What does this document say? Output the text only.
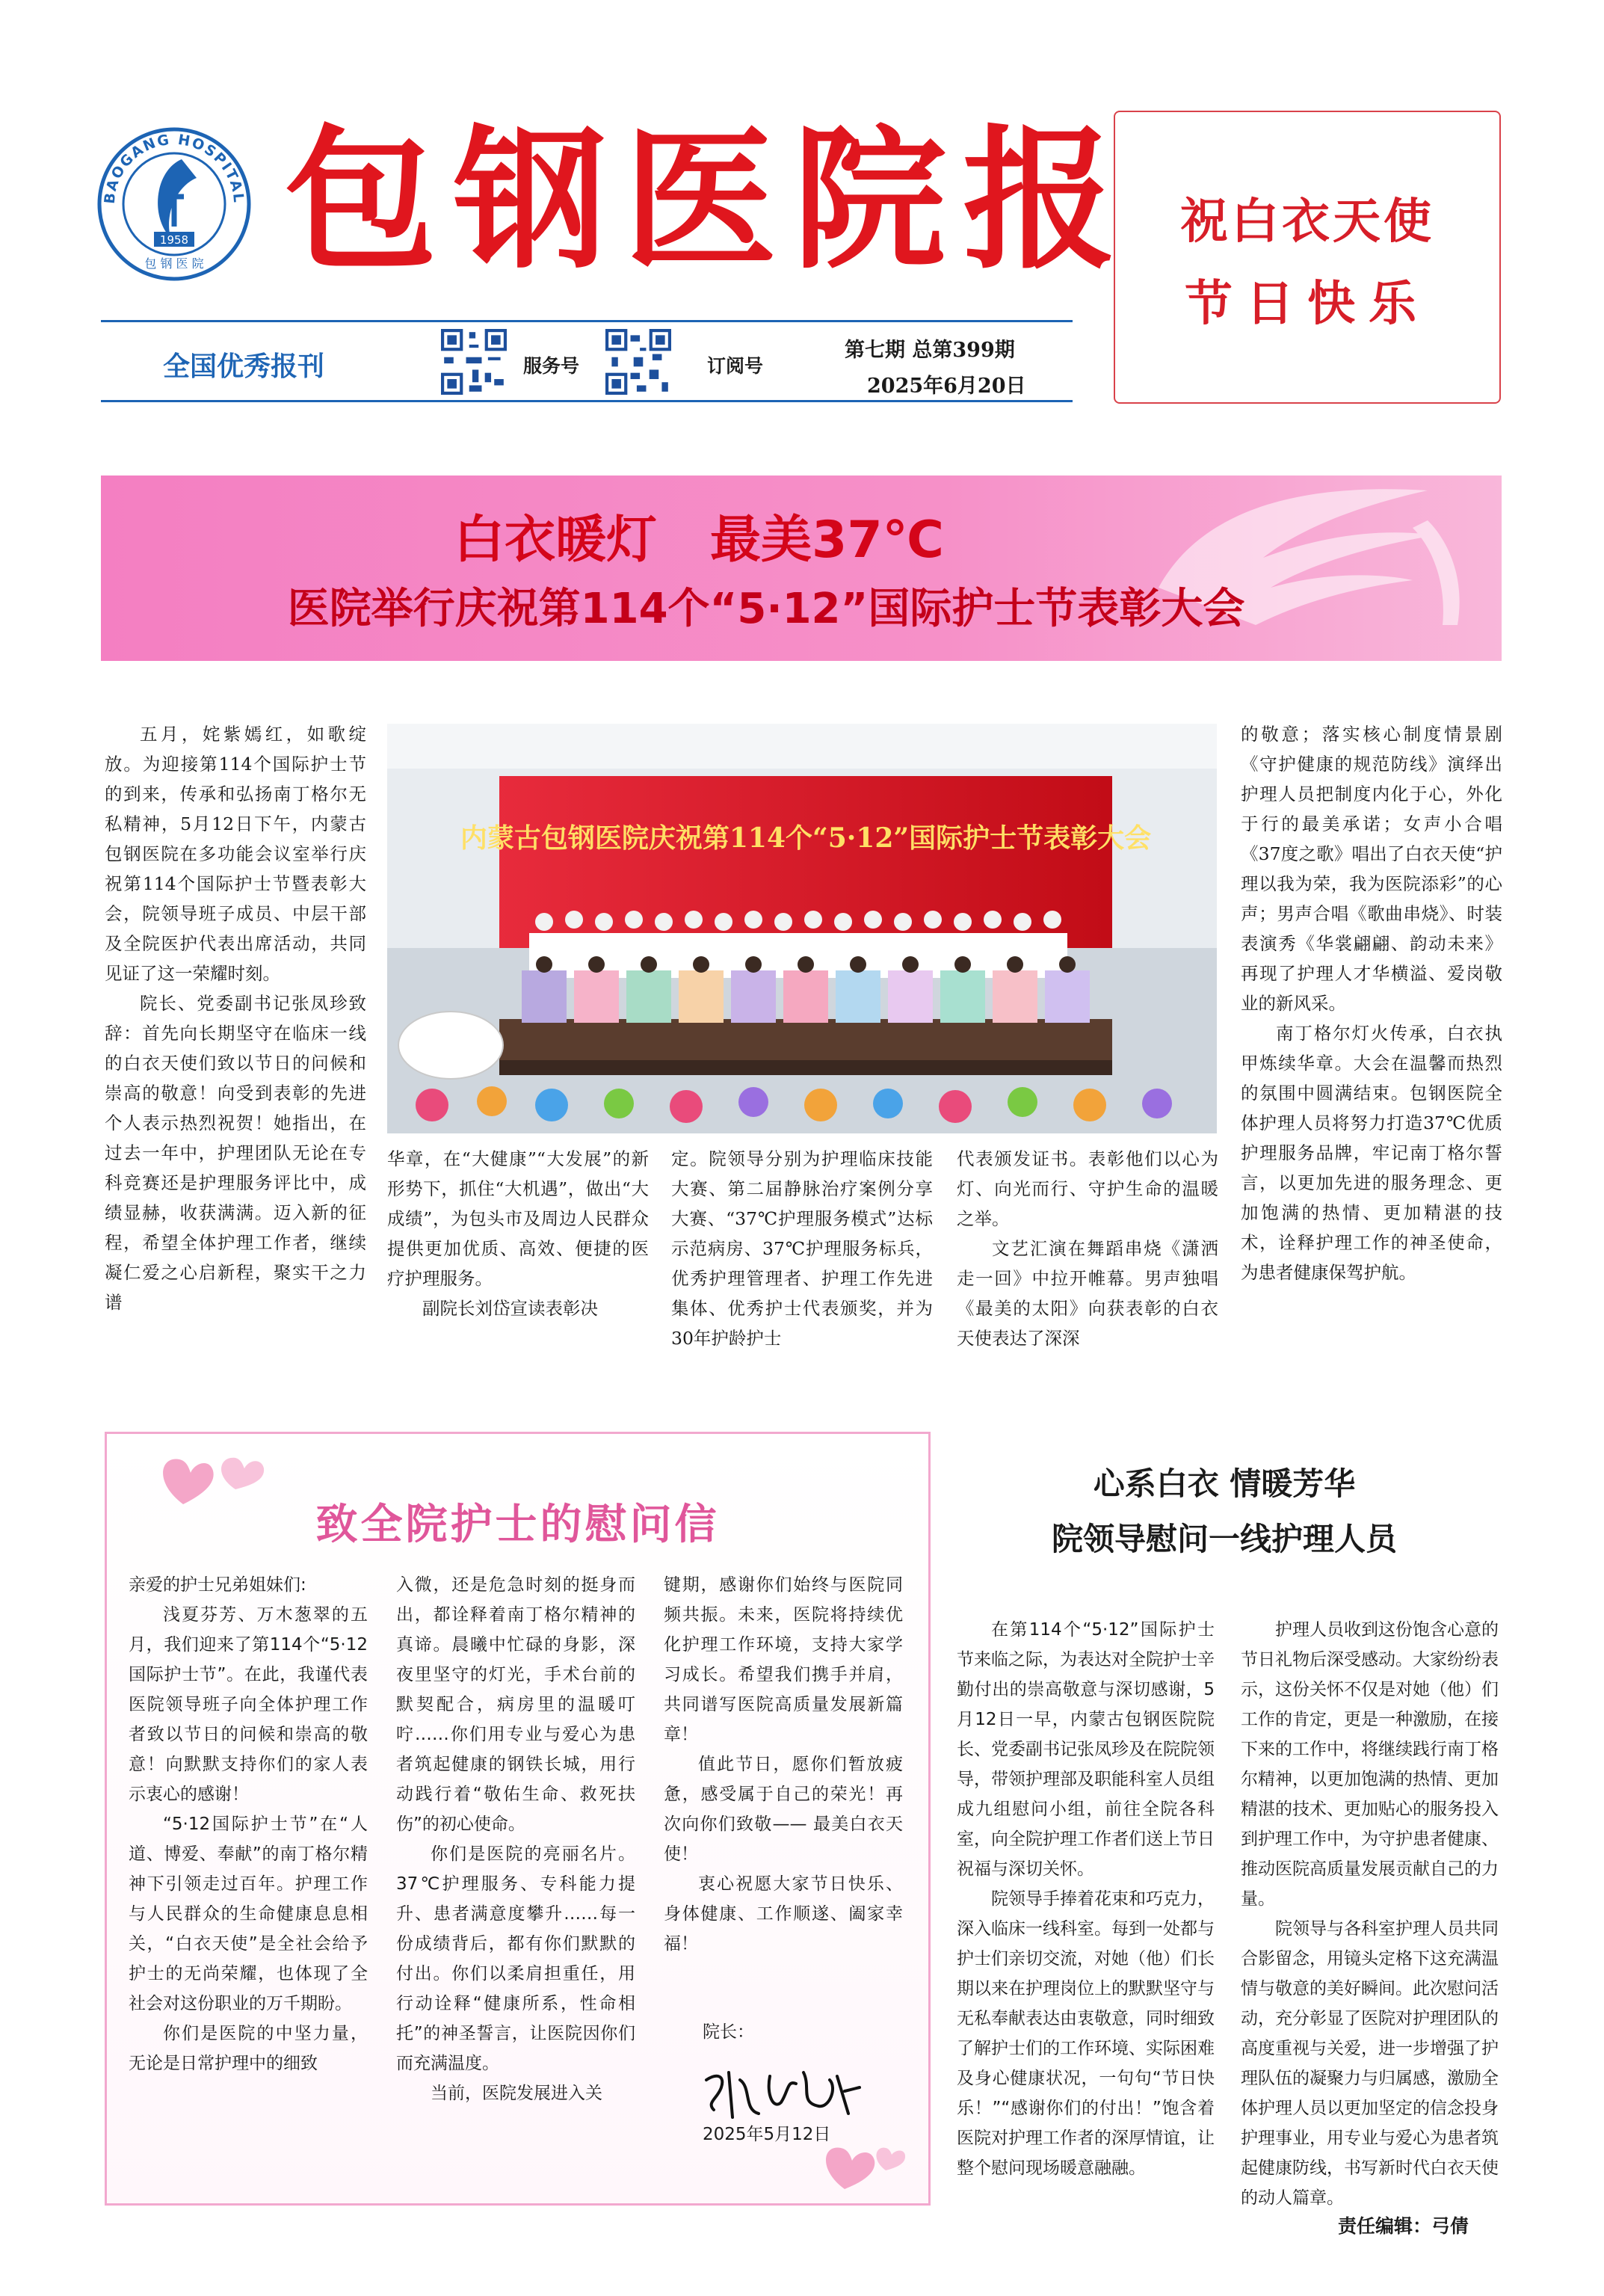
BAOGANG HOSPITAL
1958
包 钢 医 院 包钢医院报
全国优秀报刊	服务号	订阅号
第七期 总第399期
2025年6月20日
祝白衣天使
节日快乐
白衣暖灯   最美37℃
医院举行庆祝第114个“5·12”国际护士节表彰大会

五月，姹紫嫣红，如歌绽放。为迎接第114个国际护士节的到来，传承和弘扬南丁格尔无私精神，5月12日下午，内蒙古包钢医院在多功能会议室举行庆祝第114个国际护士节暨表彰大会，院领导班子成员、中层干部及全院医护代表出席活动，共同见证了这一荣耀时刻。

院长、党委副书记张凤珍致辞：首先向长期坚守在临床一线的白衣天使们致以节日的问候和崇高的敬意！向受到表彰的先进个人表示热烈祝贺！她指出，在过去一年中，护理团队无论在专科竞赛还是护理服务评比中，成绩显赫，收获满满。迈入新的征程，希望全体护理工作者，继续凝仁爱之心启新程，聚实干之力谱

内蒙古包钢医院庆祝第114个“5·12”国际护士节表彰大会

的敬意；落实核心制度情景剧《守护健康的规范防线》演绎出护理人员把制度内化于心，外化于行的最美承诺；女声小合唱《37度之歌》唱出了白衣天使“护理以我为荣，我为医院添彩”的心声；男声合唱《歌曲串烧》、时装表演秀《华裳翩翩、韵动未来》再现了护理人才华横溢、爱岗敬业的新风采。

南丁格尔灯火传承，白衣执甲炼续华章。大会在温馨而热烈的氛围中圆满结束。包钢医院全体护理人员将努力打造37℃优质护理服务品牌，牢记南丁格尔誓言，以更加先进的服务理念、更加饱满的热情、更加精湛的技术，诠释护理工作的神圣使命，为患者健康保驾护航。

华章，在“大健康”“大发展”的新形势下，抓住“大机遇”，做出“大成绩”，为包头市及周边人民群众提供更加优质、高效、便捷的医疗护理服务。

副院长刘岱宣读表彰决

定。院领导分别为护理临床技能大赛、第二届静脉治疗案例分享大赛、“37℃护理服务模式”达标示范病房、37℃护理服务标兵，优秀护理管理者、护理工作先进集体、优秀护士代表颁奖，并为30年护龄护士

代表颁发证书。表彰他们以心为灯、向光而行、守护生命的温暖之举。

文艺汇演在舞蹈串烧《潇洒走一回》中拉开帷幕。男声独唱《最美的太阳》向获表彰的白衣天使表达了深深

致全院护士的慰问信

亲爱的护士兄弟姐妹们:

浅夏芬芳、万木葱翠的五月，我们迎来了第114个“5·12国际护士节”。在此，我谨代表医院领导班子向全体护理工作者致以节日的问候和崇高的敬意！向默默支持你们的家人表示衷心的感谢！

“5·12国际护士节”在“人道、博爱、奉献”的南丁格尔精神下引领走过百年。护理工作与人民群众的生命健康息息相关，“白衣天使”是全社会给予护士的无尚荣耀，也体现了全社会对这份职业的万千期盼。

你们是医院的中坚力量，无论是日常护理中的细致

入微，还是危急时刻的挺身而出，都诠释着南丁格尔精神的真谛。晨曦中忙碌的身影，深夜里坚守的灯光，手术台前的默契配合，病房里的温暖叮咛……你们用专业与爱心为患者筑起健康的钢铁长城，用行动践行着“敬佑生命、救死扶伤”的初心使命。

你们是医院的亮丽名片。37℃护理服务、专科能力提升、患者满意度攀升……每一份成绩背后，都有你们默默的付出。你们以柔肩担重任，用行动诠释“健康所系，性命相托”的神圣誓言，让医院因你们而充满温度。

当前，医院发展进入关

键期，感谢你们始终与医院同频共振。未来，医院将持续优化护理工作环境，支持大家学习成长。希望我们携手并肩，共同谱写医院高质量发展新篇章！

值此节日，愿你们暂放疲惫，感受属于自己的荣光！再次向你们致敬—— 最美白衣天使！

衷心祝愿大家节日快乐、身体健康、工作顺遂、阖家幸福！

院长：
2025年5月12日
心系白衣 情暖芳华
院领导慰问一线护理人员

在第114个“5·12”国际护士节来临之际，为表达对全院护士辛勤付出的崇高敬意与深切感谢，5月12日一早，内蒙古包钢医院院长、党委副书记张凤珍及在院院领导，带领护理部及职能科室人员组成九组慰问小组，前往全院各科室，向全院护理工作者们送上节日祝福与深切关怀。

院领导手捧着花束和巧克力，深入临床一线科室。每到一处都与护士们亲切交流，对她（他）们长期以来在护理岗位上的默默坚守与无私奉献表达由衷敬意，同时细致了解护士们的工作环境、实际困难及身心健康状况，一句句“节日快乐！”“感谢你们的付出！”饱含着医院对护理工作者的深厚情谊，让整个慰问现场暖意融融。

护理人员收到这份饱含心意的节日礼物后深受感动。大家纷纷表示，这份关怀不仅是对她（他）们工作的肯定，更是一种激励，在接下来的工作中，将继续践行南丁格尔精神，以更加饱满的热情、更加精湛的技术、更加贴心的服务投入到护理工作中，为守护患者健康、推动医院高质量发展贡献自己的力量。

院领导与各科室护理人员共同合影留念，用镜头定格下这充满温情与敬意的美好瞬间。此次慰问活动，充分彰显了医院对护理团队的高度重视与关爱，进一步增强了护理队伍的凝聚力与归属感，激励全体护理人员以更加坚定的信念投身护理事业，用专业与爱心为患者筑起健康防线，书写新时代白衣天使的动人篇章。

责任编辑：弓倩
